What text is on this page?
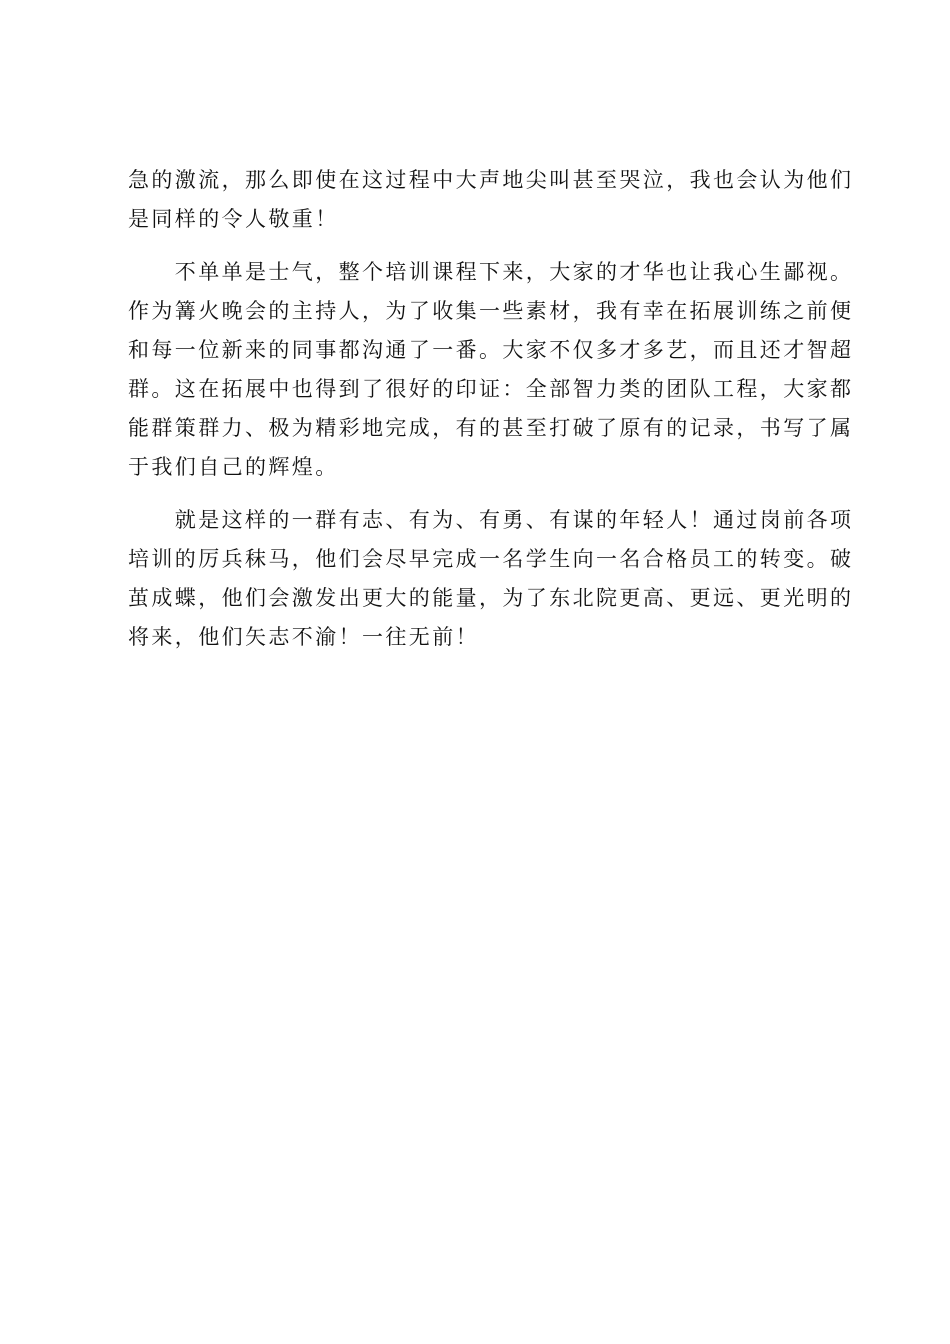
急的激流，那么即使在这过程中大声地尖叫甚至哭泣，我也会认为他们

是同样的令人敬重！

　　不单单是士气，整个培训课程下来，大家的才华也让我心生鄙视。

作为篝火晚会的主持人，为了收集一些素材，我有幸在拓展训练之前便

和每一位新来的同事都沟通了一番。大家不仅多才多艺，而且还才智超

群。这在拓展中也得到了很好的印证：全部智力类的团队工程，大家都

能群策群力、极为精彩地完成，有的甚至打破了原有的记录，书写了属

于我们自己的辉煌。

　　就是这样的一群有志、有为、有勇、有谋的年轻人！通过岗前各项

培训的厉兵秣马，他们会尽早完成一名学生向一名合格员工的转变。破

茧成蝶，他们会激发出更大的能量，为了东北院更高、更远、更光明的

将来，他们矢志不渝！一往无前！
